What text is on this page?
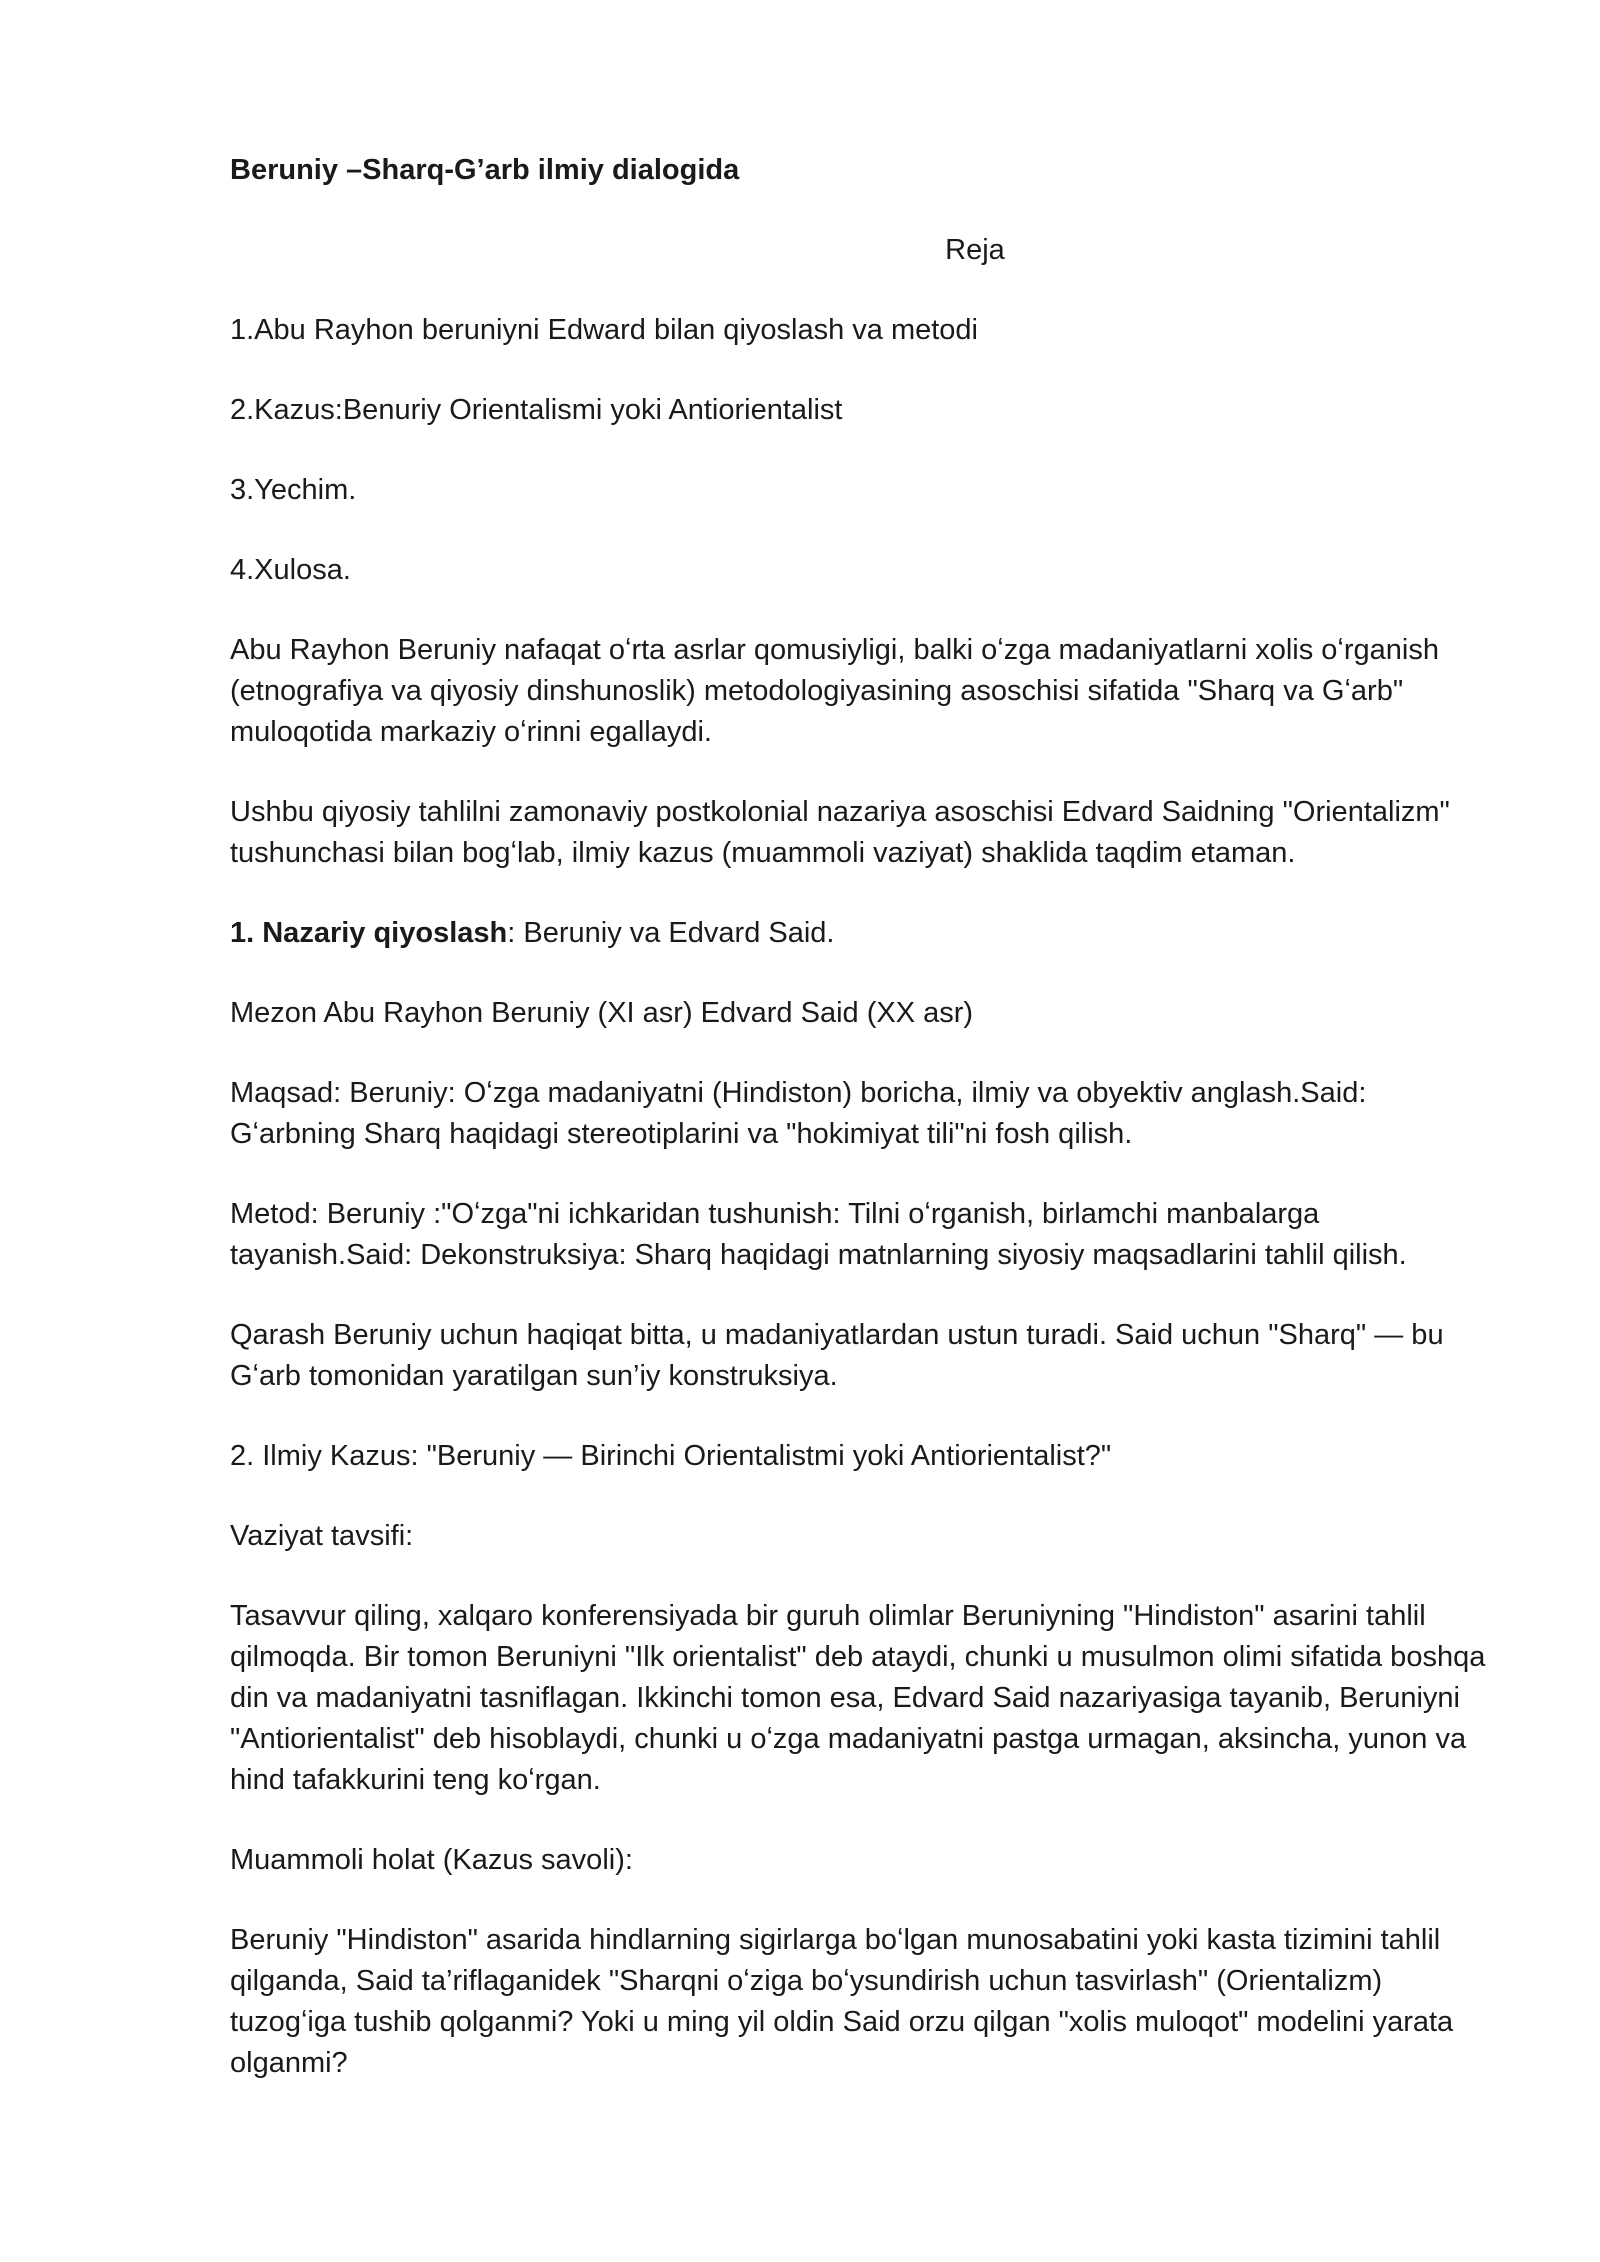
Beruniy –Sharq-G’arb ilmiy dialogida

Reja

1.Abu Rayhon beruniyni Edward bilan qiyoslash va metodi

2.Kazus:Benuriy Orientalismi yoki Antiorientalist

3.Yechim.

4.Xulosa.

Abu Rayhon Beruniy nafaqat oʻrta asrlar qomusiyligi, balki oʻzga madaniyatlarni xolis oʻrganish (etnografiya va qiyosiy dinshunoslik) metodologiyasining asoschisi sifatida "Sharq va Gʻarb" muloqotida markaziy oʻrinni egallaydi.

Ushbu qiyosiy tahlilni zamonaviy postkolonial nazariya asoschisi Edvard Saidning "Orientalizm" tushunchasi bilan bogʻlab, ilmiy kazus (muammoli vaziyat) shaklida taqdim etaman.

1. Nazariy qiyoslash: Beruniy va Edvard Said.

Mezon Abu Rayhon Beruniy (XI asr) Edvard Said (XX asr)

Maqsad: Beruniy: Oʻzga madaniyatni (Hindiston) boricha, ilmiy va obyektiv anglash.Said: Gʻarbning Sharq haqidagi stereotiplarini va "hokimiyat tili"ni fosh qilish.

Metod: Beruniy :"Oʻzga"ni ichkaridan tushunish: Tilni oʻrganish, birlamchi manbalarga tayanish.Said: Dekonstruksiya: Sharq haqidagi matnlarning siyosiy maqsadlarini tahlil qilish.

Qarash Beruniy uchun haqiqat bitta, u madaniyatlardan ustun turadi. Said uchun "Sharq" — bu Gʻarb tomonidan yaratilgan sun’iy konstruksiya.

2. Ilmiy Kazus: "Beruniy — Birinchi Orientalistmi yoki Antiorientalist?"

Vaziyat tavsifi:

Tasavvur qiling, xalqaro konferensiyada bir guruh olimlar Beruniyning "Hindiston" asarini tahlil qilmoqda. Bir tomon Beruniyni "Ilk orientalist" deb ataydi, chunki u musulmon olimi sifatida boshqa din va madaniyatni tasniflagan. Ikkinchi tomon esa, Edvard Said nazariyasiga tayanib, Beruniyni "Antiorientalist" deb hisoblaydi, chunki u oʻzga madaniyatni pastga urmagan, aksincha, yunon va hind tafakkurini teng koʻrgan.

Muammoli holat (Kazus savoli):

Beruniy "Hindiston" asarida hindlarning sigirlarga boʻlgan munosabatini yoki kasta tizimini tahlil qilganda, Said ta’riflaganidek "Sharqni oʻziga boʻysundirish uchun tasvirlash" (Orientalizm) tuzogʻiga tushib qolganmi? Yoki u ming yil oldin Said orzu qilgan "xolis muloqot" modelini yarata olganmi?
